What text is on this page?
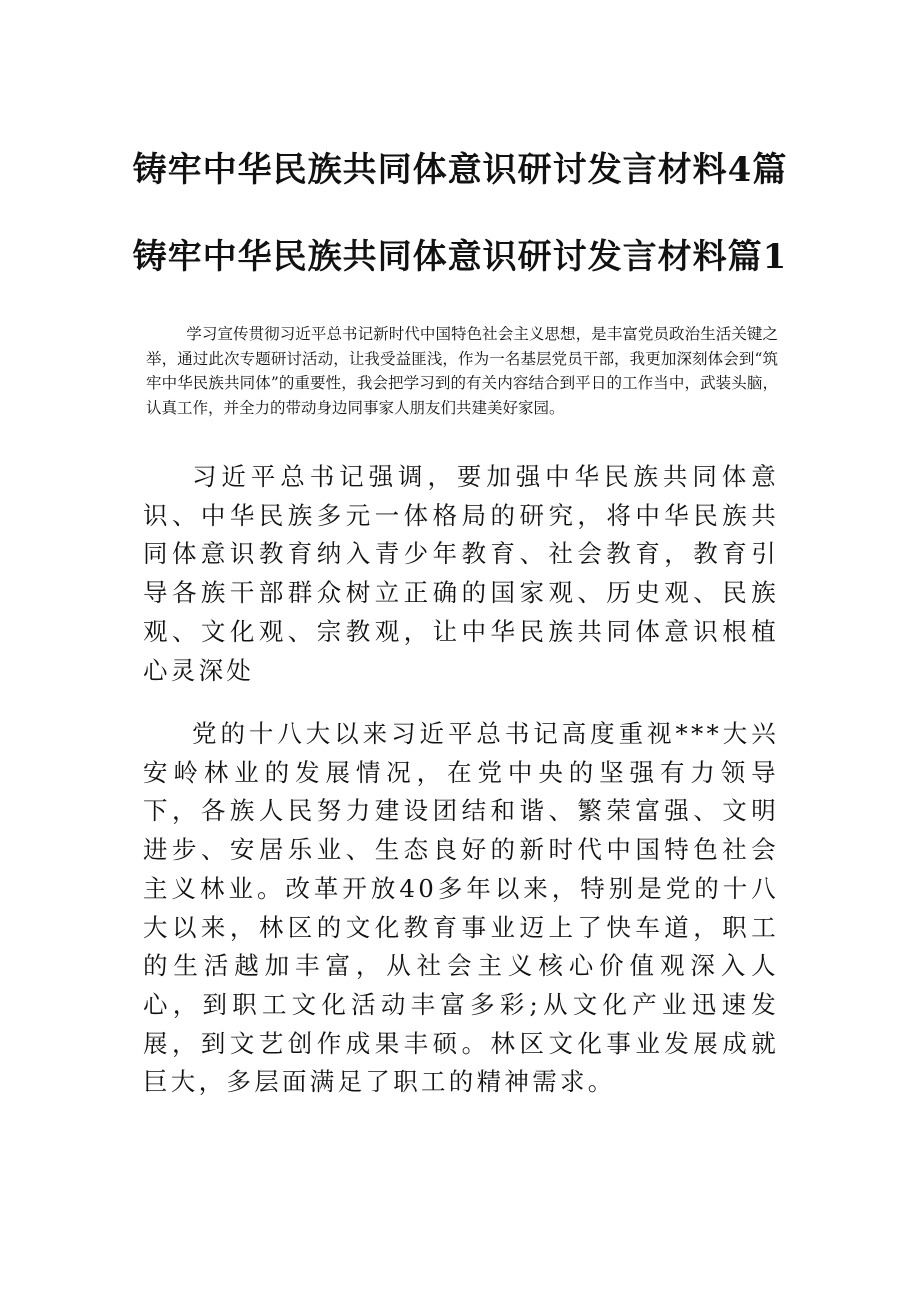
铸牢中华民族共同体意识研讨发言材料4篇
铸牢中华民族共同体意识研讨发言材料篇1

学习宣传贯彻习近平总书记新时代中国特色社会主义思想，是丰富党员政治生活关键之举，通过此次专题研讨活动，让我受益匪浅，作为一名基层党员干部，我更加深刻体会到“筑牢中华民族共同体”的重要性，我会把学习到的有关内容结合到平日的工作当中，武装头脑，认真工作，并全力的带动身边同事家人朋友们共建美好家园。

习近平总书记强调，要加强中华民族共同体意识、中华民族多元一体格局的研究，将中华民族共同体意识教育纳入青少年教育、社会教育，教育引导各族干部群众树立正确的国家观、历史观、民族观、文化观、宗教观，让中华民族共同体意识根植心灵深处

党的十八大以来习近平总书记高度重视***大兴安岭林业的发展情况，在党中央的坚强有力领导下，各族人民努力建设团结和谐、繁荣富强、文明进步、安居乐业、生态良好的新时代中国特色社会主义林业。改革开放40多年以来，特别是党的十八大以来，林区的文化教育事业迈上了快车道，职工的生活越加丰富，从社会主义核心价值观深入人心，到职工文化活动丰富多彩;从文化产业迅速发展，到文艺创作成果丰硕。林区文化事业发展成就巨大，多层面满足了职工的精神需求。
